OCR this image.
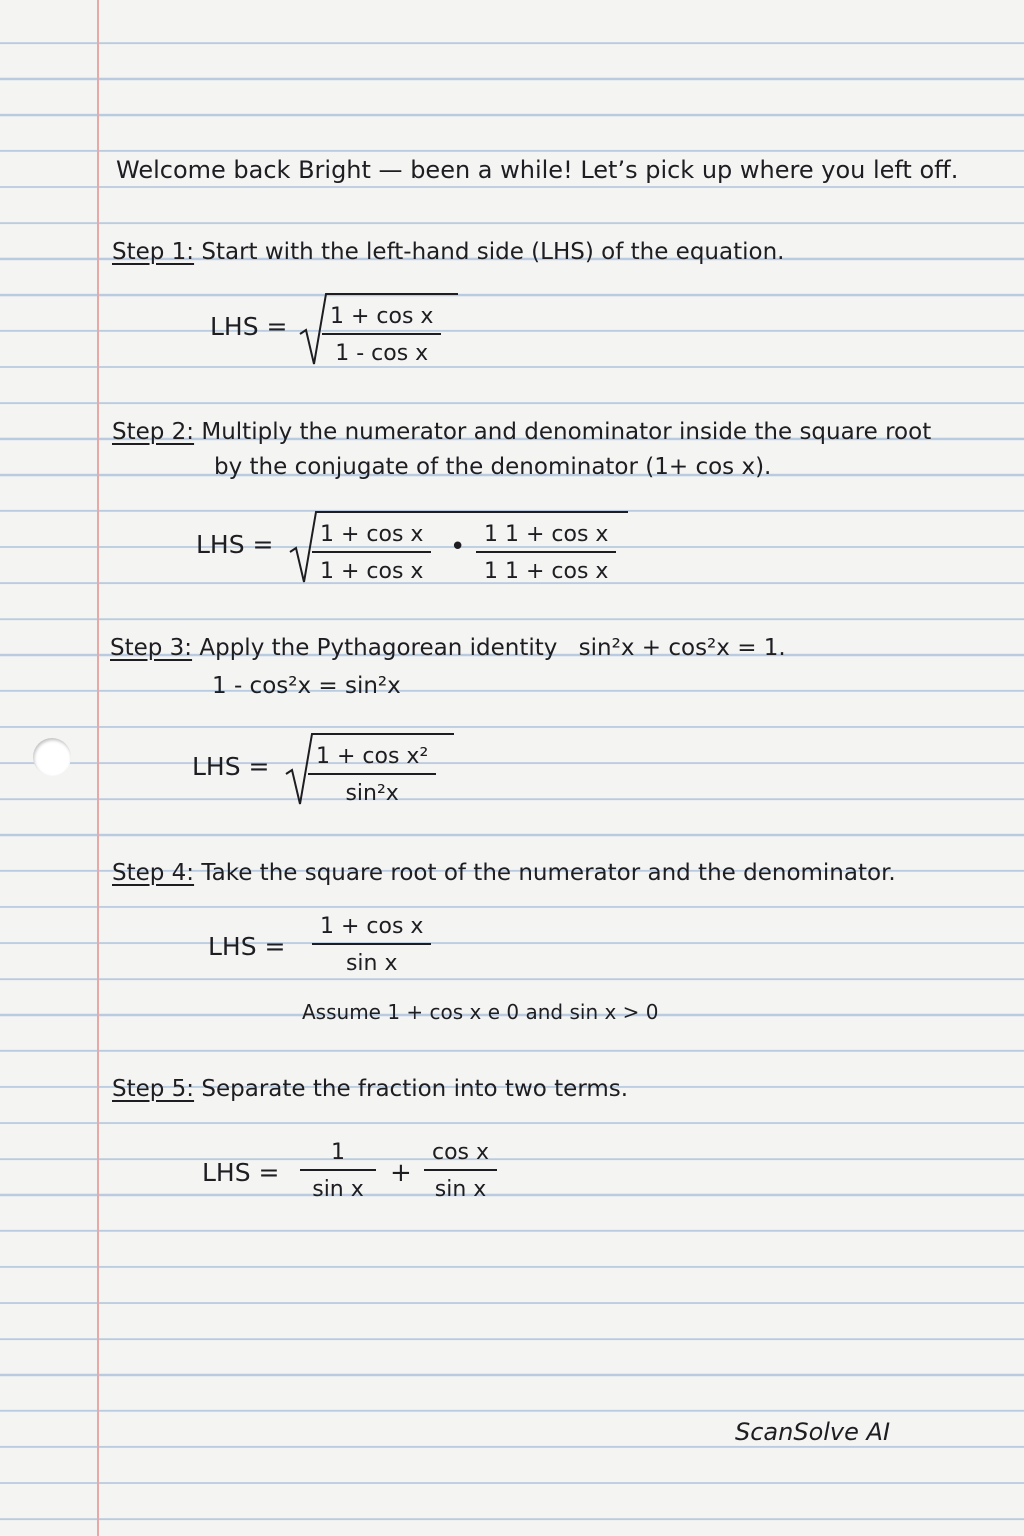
Welcome back Bright — been a while! Let’s pick up where you left off.
Step 1: Start with the left-hand side (LHS) of the equation.
LHS = $\frac{\text{1 + cos x}}{\text{1 - cos x}}$
Step 2: Multiply the numerator and denominator inside the square root
by the conjugate of the denominator (1+ cos x).
LHS = $\frac{\text{1 + cos x}}{\text{1 + cos x}}$ • $\frac{\text{1 1 + cos x}}{\text{1 1 + cos x}}$
Step 3: Apply the Pythagorean identity sin²x + cos²x = 1.
1 - cos²x = sin²x
LHS = $\frac{\text{1 + cos x²}}{\text{sin²x}}$
Step 4: Take the square root of the numerator and the denominator.
LHS = $\frac{\text{1 + cos x}}{\text{sin x}}$
Assume 1 + cos x e 0 and sin x > 0
Step 5: Separate the fraction into two terms.
LHS = $\frac{1}{\text{sin x}} + \frac{\text{cos x}}{\text{sin x}}$
ScanSolve AI
